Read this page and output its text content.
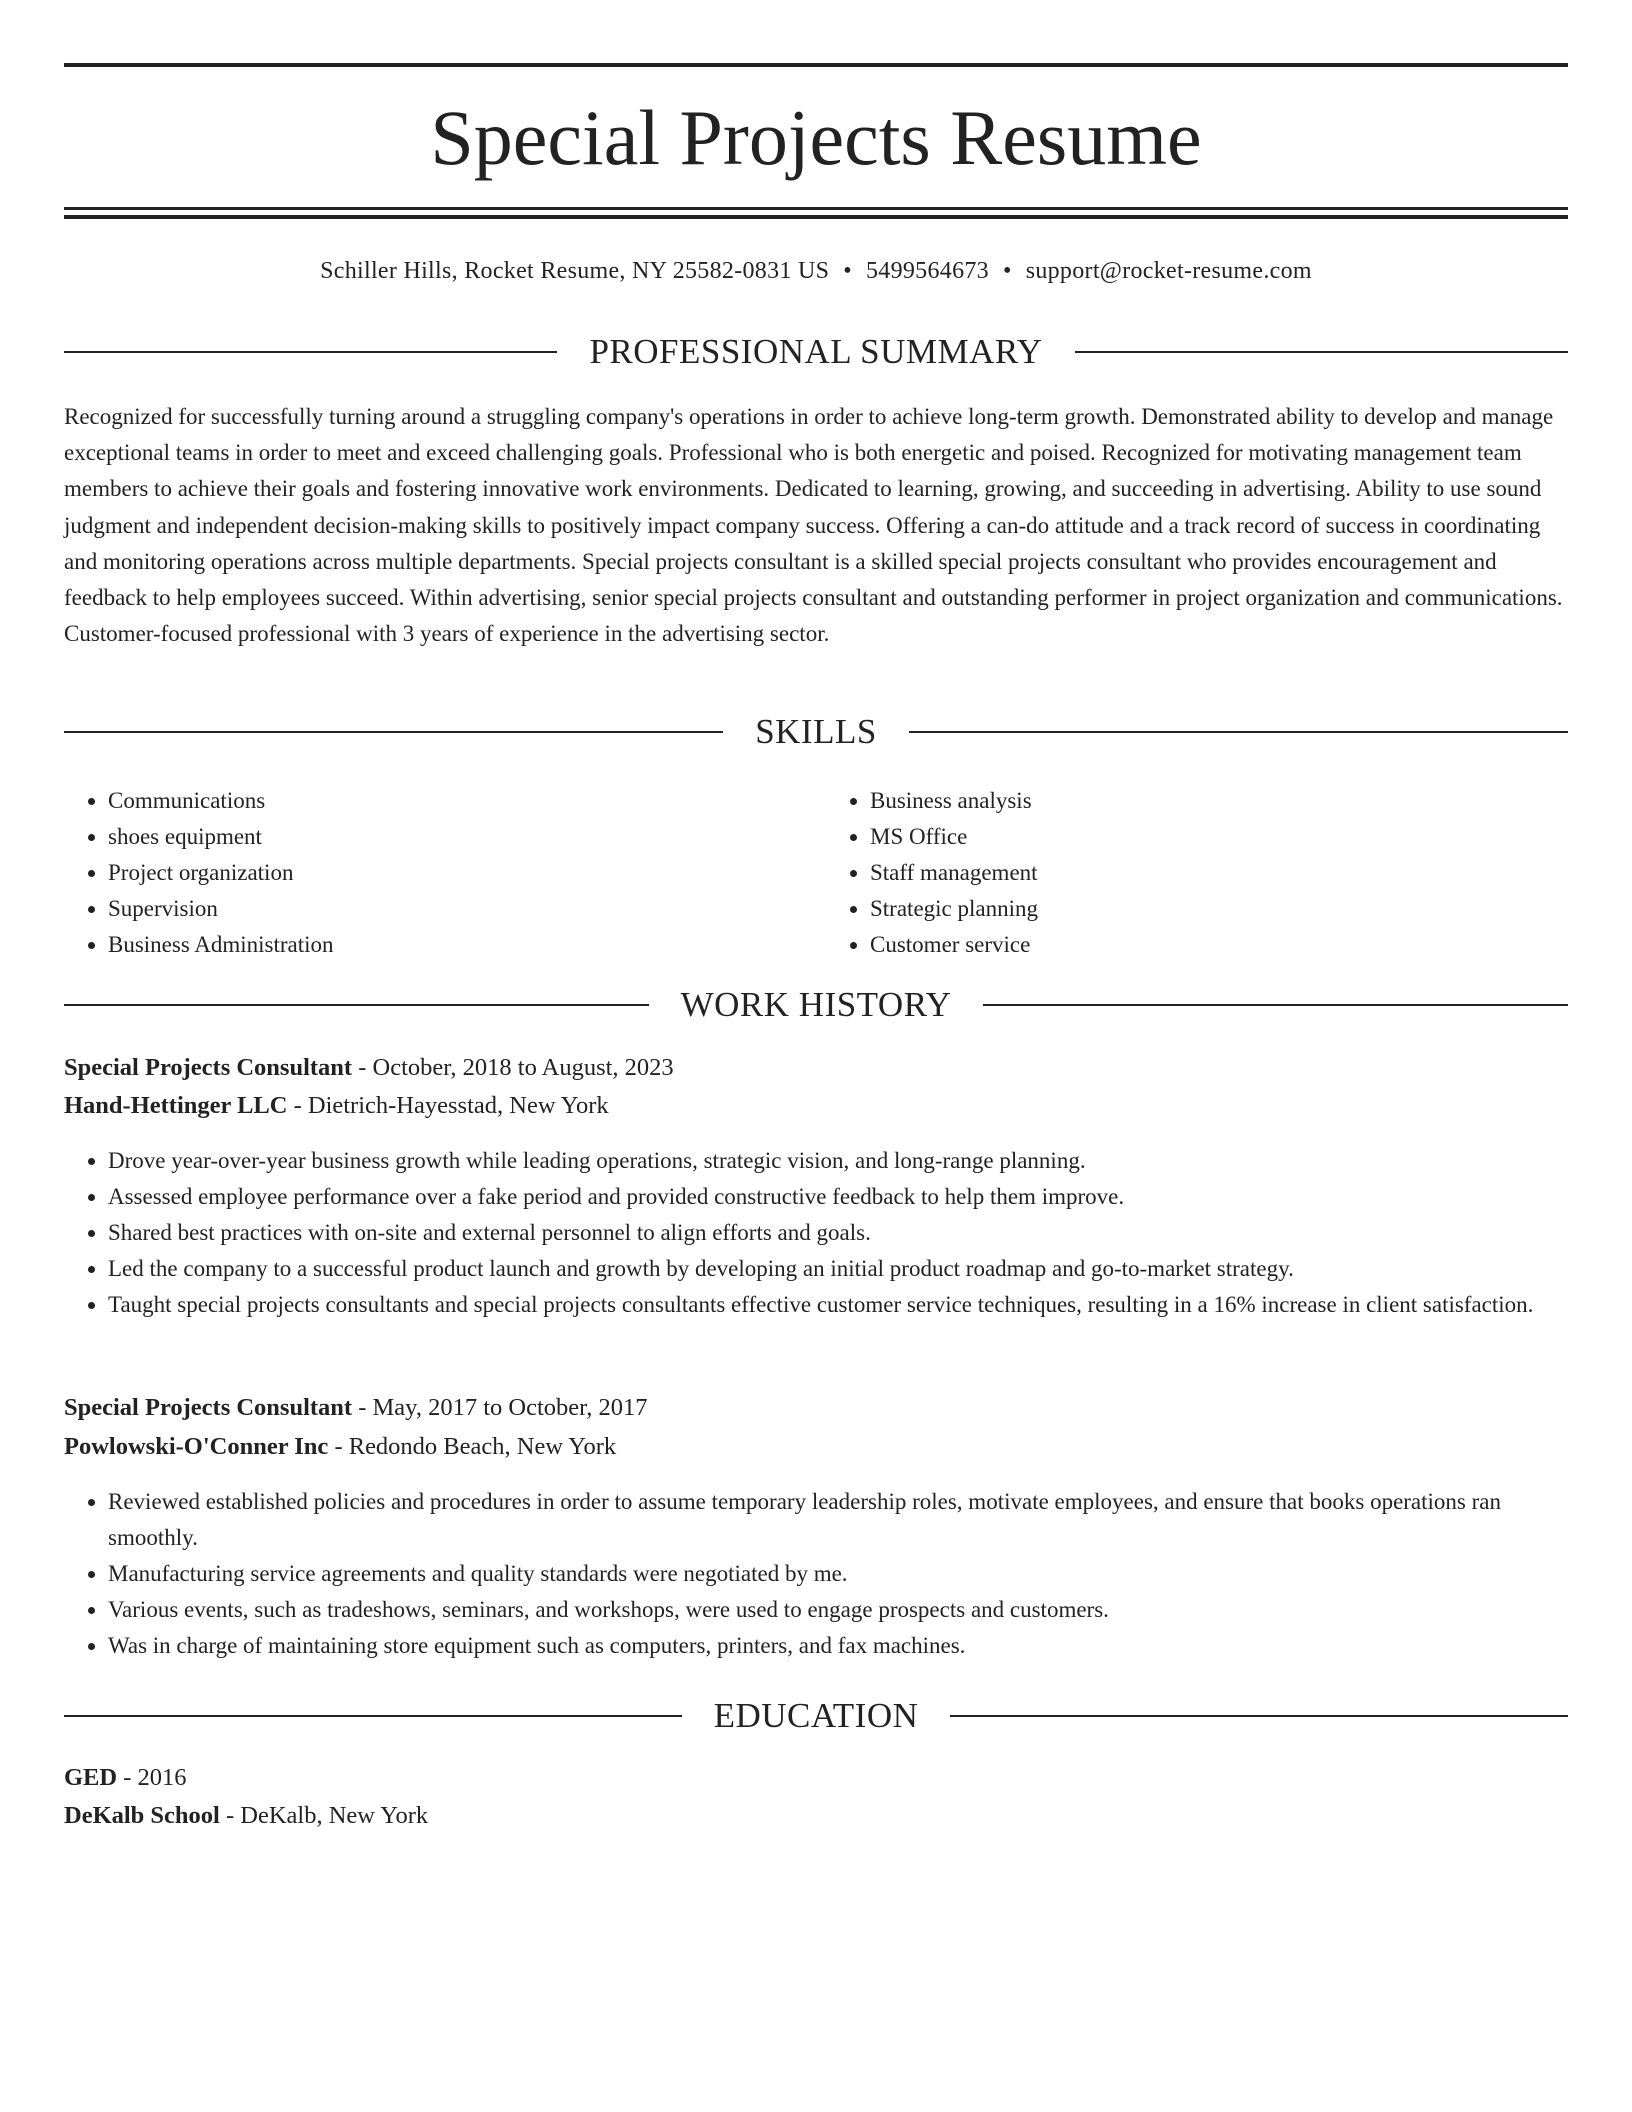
Special Projects Resume
Schiller Hills, Rocket Resume, NY 25582-0831 US • 5499564673 • support@rocket-resume.com
PROFESSIONAL SUMMARY

Recognized for successfully turning around a struggling company's operations in order to achieve long-term growth. Demonstrated ability to develop and manage exceptional teams in order to meet and exceed challenging goals. Professional who is both energetic and poised. Recognized for motivating management team members to achieve their goals and fostering innovative work environments. Dedicated to learning, growing, and succeeding in advertising. Ability to use sound judgment and independent decision-making skills to positively impact company success. Offering a can-do attitude and a track record of success in coordinating and monitoring operations across multiple departments. Special projects consultant is a skilled special projects consultant who provides encouragement and feedback to help employees succeed. Within advertising, senior special projects consultant and outstanding performer in project organization and communications. Customer-focused professional with 3 years of experience in the advertising sector.

SKILLS
• Communications
• shoes equipment
• Project organization
• Supervision
• Business Administration
• Business analysis
• MS Office
• Staff management
• Strategic planning
• Customer service
WORK HISTORY
Special Projects Consultant - October, 2018 to August, 2023
Hand-Hettinger LLC - Dietrich-Hayesstad, New York
• Drove year-over-year business growth while leading operations, strategic vision, and long-range planning.
• Assessed employee performance over a fake period and provided constructive feedback to help them improve.
• Shared best practices with on-site and external personnel to align efforts and goals.
• Led the company to a successful product launch and growth by developing an initial product roadmap and go-to-market strategy.
• Taught special projects consultants and special projects consultants effective customer service techniques, resulting in a 16% increase in client satisfaction.
Special Projects Consultant - May, 2017 to October, 2017
Powlowski-O'Conner Inc - Redondo Beach, New York
• Reviewed established policies and procedures in order to assume temporary leadership roles, motivate employees, and ensure that books operations ran smoothly.
• Manufacturing service agreements and quality standards were negotiated by me.
• Various events, such as tradeshows, seminars, and workshops, were used to engage prospects and customers.
• Was in charge of maintaining store equipment such as computers, printers, and fax machines.
EDUCATION
GED - 2016
DeKalb School - DeKalb, New York
